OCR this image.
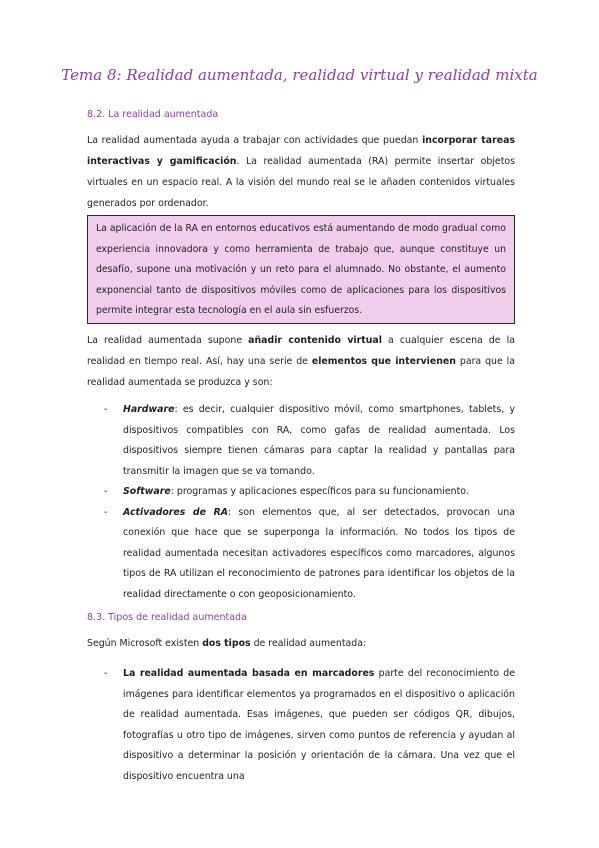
Tema 8: Realidad aumentada, realidad virtual y realidad mixta
8.2. La realidad aumentada

La realidad aumentada ayuda a trabajar con actividades que puedan incorporar tareas interactivas y gamificación. La realidad aumentada (RA) permite insertar objetos virtuales en un espacio real. A la visión del mundo real se le añaden contenidos virtuales generados por ordenador.

La aplicación de la RA en entornos educativos está aumentando de modo gradual como experiencia innovadora y como herramienta de trabajo que, aunque constituye un desafío, supone una motivación y un reto para el alumnado. No obstante, el aumento exponencial tanto de dispositivos móviles como de aplicaciones para los dispositivos permite integrar esta tecnología en el aula sin esfuerzos.

La realidad aumentada supone añadir contenido virtual a cualquier escena de la realidad en tiempo real. Así, hay una serie de elementos que intervienen para que la realidad aumentada se produzca y son:

- Hardware: es decir, cualquier dispositivo móvil, como smartphones, tablets, y dispositivos compatibles con RA, como gafas de realidad aumentada. Los dispositivos siempre tienen cámaras para captar la realidad y pantallas para transmitir la imagen que se va tomando.
- Software: programas y aplicaciones específicos para su funcionamiento.
- Activadores de RA: son elementos que, al ser detectados, provocan una conexión que hace que se superponga la información. No todos los tipos de realidad aumentada necesitan activadores específicos como marcadores, algunos tipos de RA utilizan el reconocimiento de patrones para identificar los objetos de la realidad directamente o con geoposicionamiento.
8.3. Tipos de realidad aumentada

Según Microsoft existen dos tipos de realidad aumentada:

- La realidad aumentada basada en marcadores parte del reconocimiento de imágenes para identificar elementos ya programados en el dispositivo o aplicación de realidad aumentada. Esas imágenes, que pueden ser códigos QR, dibujos, fotografías u otro tipo de imágenes, sirven como puntos de referencia y ayudan al dispositivo a determinar la posición y orientación de la cámara. Una vez que el dispositivo encuentra una
